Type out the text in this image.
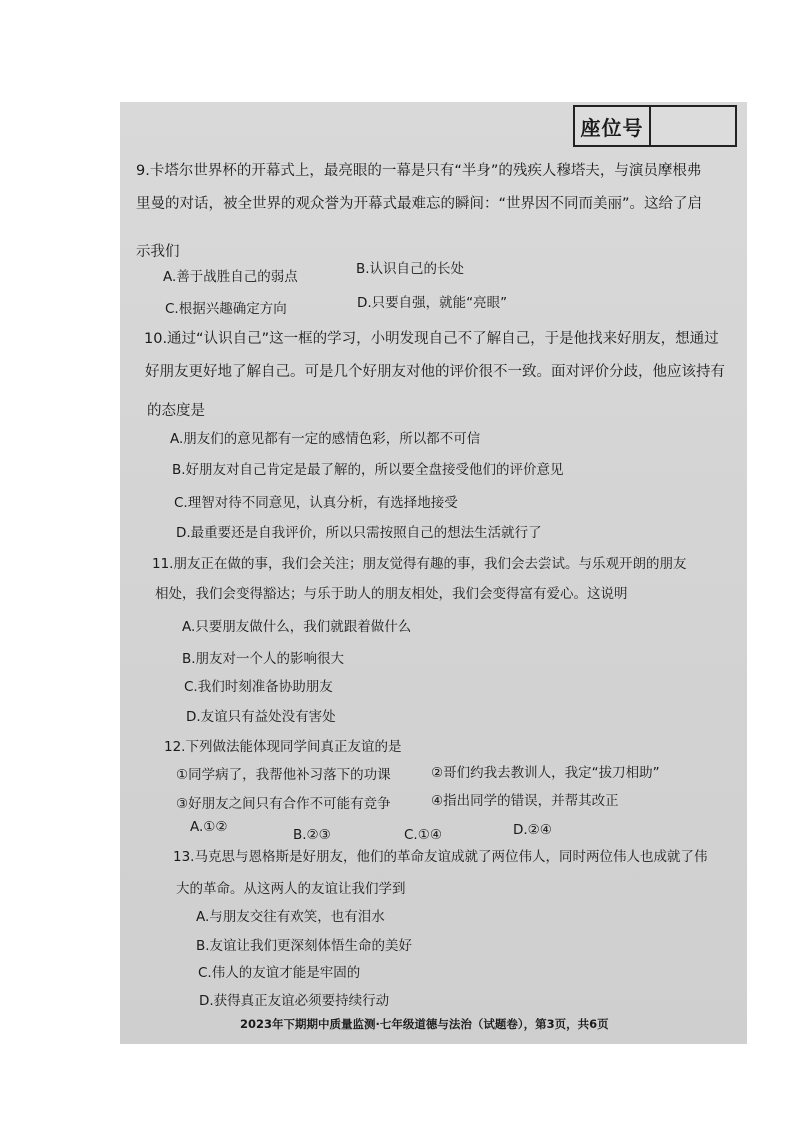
座位号
9.卡塔尔世界杯的开幕式上，最亮眼的一幕是只有“半身”的残疾人穆塔夫，与演员摩根弗
里曼的对话，被全世界的观众誉为开幕式最难忘的瞬间：“世界因不同而美丽”。这给了启
示我们
A.善于战胜自己的弱点	B.认识自己的长处
C.根据兴趣确定方向	D.只要自强，就能“亮眼”
10.通过“认识自己”这一框的学习，小明发现自己不了解自己，于是他找来好朋友，想通过
好朋友更好地了解自己。可是几个好朋友对他的评价很不一致。面对评价分歧，他应该持有
的态度是
A.朋友们的意见都有一定的感情色彩，所以都不可信
B.好朋友对自己肯定是最了解的，所以要全盘接受他们的评价意见
C.理智对待不同意见，认真分析，有选择地接受
D.最重要还是自我评价，所以只需按照自己的想法生活就行了
11.朋友正在做的事，我们会关注；朋友觉得有趣的事，我们会去尝试。与乐观开朗的朋友
相处，我们会变得豁达；与乐于助人的朋友相处，我们会变得富有爱心。这说明
A.只要朋友做什么，我们就跟着做什么
B.朋友对一个人的影响很大
C.我们时刻准备协助朋友
D.友谊只有益处没有害处
12.下列做法能体现同学间真正友谊的是
①同学病了，我帮他补习落下的功课	②哥们约我去教训人，我定“拔刀相助”
③好朋友之间只有合作不可能有竞争	④指出同学的错误，并帮其改正
A.①②	B.②③	C.①④	D.②④
13.马克思与恩格斯是好朋友，他们的革命友谊成就了两位伟人，同时两位伟人也成就了伟
大的革命。从这两人的友谊让我们学到
A.与朋友交往有欢笑，也有泪水
B.友谊让我们更深刻体悟生命的美好
C.伟人的友谊才能是牢固的
D.获得真正友谊必须要持续行动
2023年下期期中质量监测·七年级道德与法治（试题卷），第3页，共6页
